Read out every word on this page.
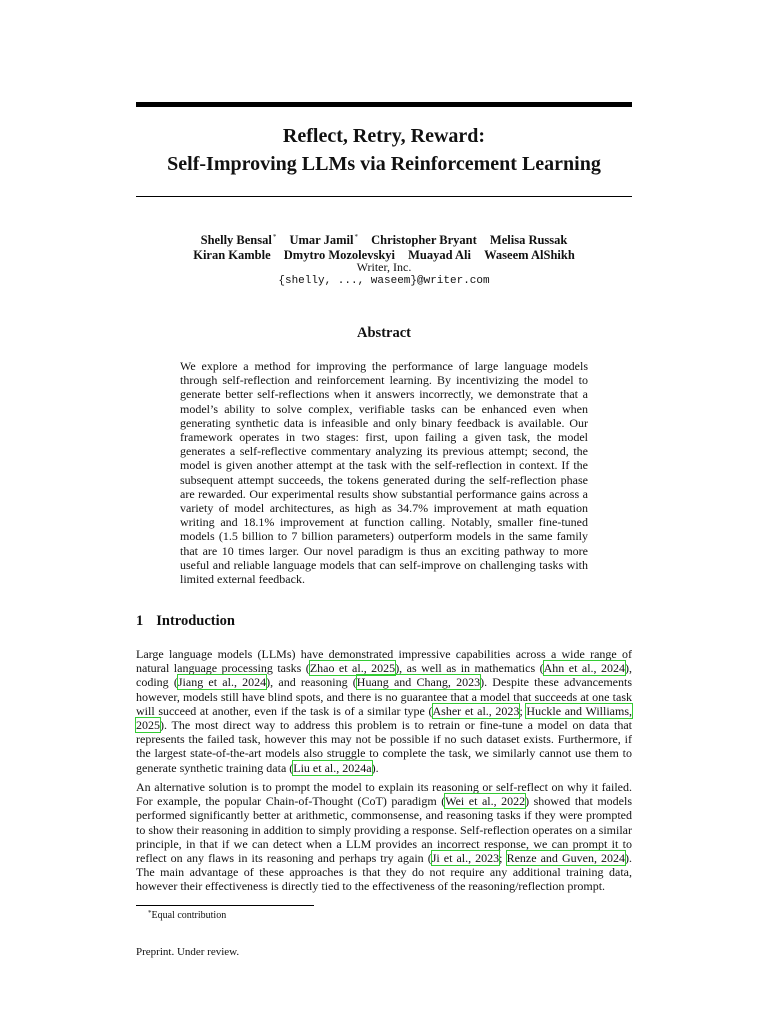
Reflect, Retry, Reward:
Self-Improving LLMs via Reinforcement Learning
Shelly Bensal* Umar Jamil* Christopher Bryant Melisa Russak
Kiran Kamble Dmytro Mozolevskyi Muayad Ali Waseem AlShikh
Writer, Inc.
{shelly, ..., waseem}@writer.com
Abstract
We explore a method for improving the performance of large language models through self-reflection and reinforcement learning. By incentivizing the model to generate better self-reflections when it answers incorrectly, we demonstrate that a model’s ability to solve complex, verifiable tasks can be enhanced even when generating synthetic data is infeasible and only binary feedback is available. Our framework operates in two stages: first, upon failing a given task, the model generates a self-reflective commentary analyzing its previous attempt; second, the model is given another attempt at the task with the self-reflection in context. If the subsequent attempt succeeds, the tokens generated during the self-reflection phase are rewarded. Our experimental results show substantial performance gains across a variety of model architectures, as high as 34.7% improvement at math equation writing and 18.1% improvement at function calling. Notably, smaller fine-tuned models (1.5 billion to 7 billion parameters) outperform models in the same family that are 10 times larger. Our novel paradigm is thus an exciting pathway to more useful and reliable language models that can self-improve on challenging tasks with limited external feedback.
1 Introduction
Large language models (LLMs) have demonstrated impressive capabilities across a wide range of natural language processing tasks (Zhao et al., 2025), as well as in mathematics (Ahn et al., 2024), coding (Jiang et al., 2024), and reasoning (Huang and Chang, 2023). Despite these advancements however, models still have blind spots, and there is no guarantee that a model that succeeds at one task will succeed at another, even if the task is of a similar type (Asher et al., 2023; Huckle and Williams, 2025). The most direct way to address this problem is to retrain or fine-tune a model on data that represents the failed task, however this may not be possible if no such dataset exists. Furthermore, if the largest state-of-the-art models also struggle to complete the task, we similarly cannot use them to generate synthetic training data (Liu et al., 2024a).
An alternative solution is to prompt the model to explain its reasoning or self-reflect on why it failed. For example, the popular Chain-of-Thought (CoT) paradigm (Wei et al., 2022) showed that models performed significantly better at arithmetic, commonsense, and reasoning tasks if they were prompted to show their reasoning in addition to simply providing a response. Self-reflection operates on a similar principle, in that if we can detect when a LLM provides an incorrect response, we can prompt it to reflect on any flaws in its reasoning and perhaps try again (Ji et al., 2023; Renze and Guven, 2024). The main advantage of these approaches is that they do not require any additional training data, however their effectiveness is directly tied to the effectiveness of the reasoning/reflection prompt.
*Equal contribution
Preprint. Under review.
